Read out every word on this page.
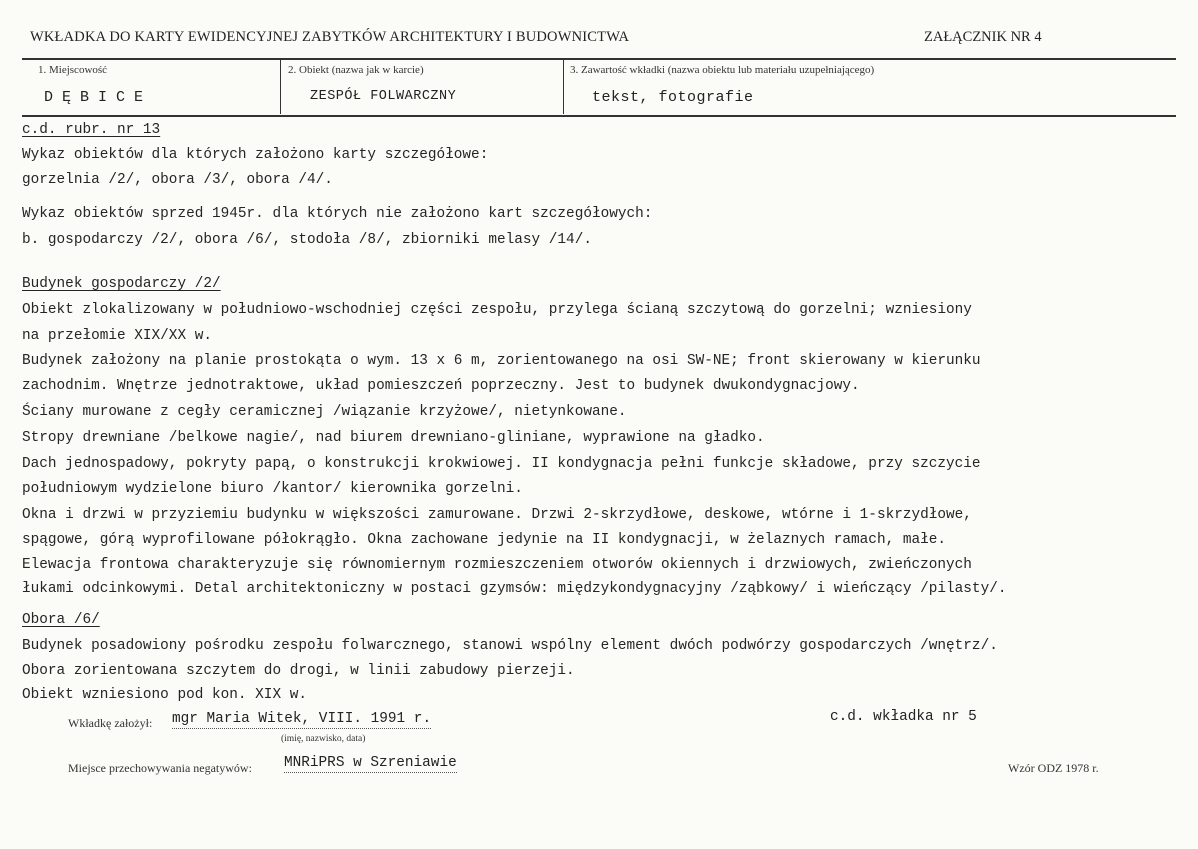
WKŁADKA DO KARTY EWIDENCYJNEJ ZABYTKÓW ARCHITEKTURY I BUDOWNICTWA	ZAŁĄCZNIK NR 4
1. Miejscowość
DĘBICE
2. Obiekt (nazwa jak w karcie)
ZESPÓŁ FOLWARCZNY
3. Zawartość wkładki (nazwa obiektu lub materiału uzupełniającego)
tekst, fotografie
c.d. rubr. nr 13
Wykaz obiektów dla których założono karty szczegółowe:
gorzelnia /2/, obora /3/, obora /4/.
Wykaz obiektów sprzed 1945r. dla których nie założono kart szczegółowych:
b. gospodarczy /2/, obora /6/, stodoła /8/, zbiorniki melasy /14/.
Budynek gospodarczy /2/
Obiekt zlokalizowany w południowo-wschodniej części zespołu, przylega ścianą szczytową do gorzelni; wzniesiony
na przełomie XIX/XX w.
Budynek założony na planie prostokąta o wym. 13 x 6 m, zorientowanego na osi SW-NE; front skierowany w kierunku
zachodnim. Wnętrze jednotraktowe, układ pomieszczeń poprzeczny. Jest to budynek dwukondygnacjowy.
Ściany murowane z cegły ceramicznej /wiązanie krzyżowe/, nietynkowane.
Stropy drewniane /belkowe nagie/, nad biurem drewniano-gliniane, wyprawione na gładko.
Dach jednospadowy, pokryty papą, o konstrukcji krokwiowej. II kondygnacja pełni funkcje składowe, przy szczycie
południowym wydzielone biuro /kantor/ kierownika gorzelni.
Okna i drzwi w przyziemiu budynku w większości zamurowane. Drzwi 2-skrzydłowe, deskowe, wtórne i 1-skrzydłowe,
spągowe, górą wyprofilowane półokrągło. Okna zachowane jedynie na II kondygnacji, w żelaznych ramach, małe.
Elewacja frontowa charakteryzuje się równomiernym rozmieszczeniem otworów okiennych i drzwiowych, zwieńczonych
łukami odcinkowymi. Detal architektoniczny w postaci gzymsów: międzykondygnacyjny /ząbkowy/ i wieńczący /pilasty/.
Obora /6/
Budynek posadowiony pośrodku zespołu folwarcznego, stanowi wspólny element dwóch podwórzy gospodarczych /wnętrz/.
Obora zorientowana szczytem do drogi, w linii zabudowy pierzeji.
Obiekt wzniesiono pod kon. XIX w.
Wkładkę założył: mgr Maria Witek, VIII. 1991 r.
(imię, nazwisko, data)
c.d. wkładka nr 5
Miejsce przechowywania negatywów: MNRiPRS w Szreniawie	Wzór ODZ 1978 r.
